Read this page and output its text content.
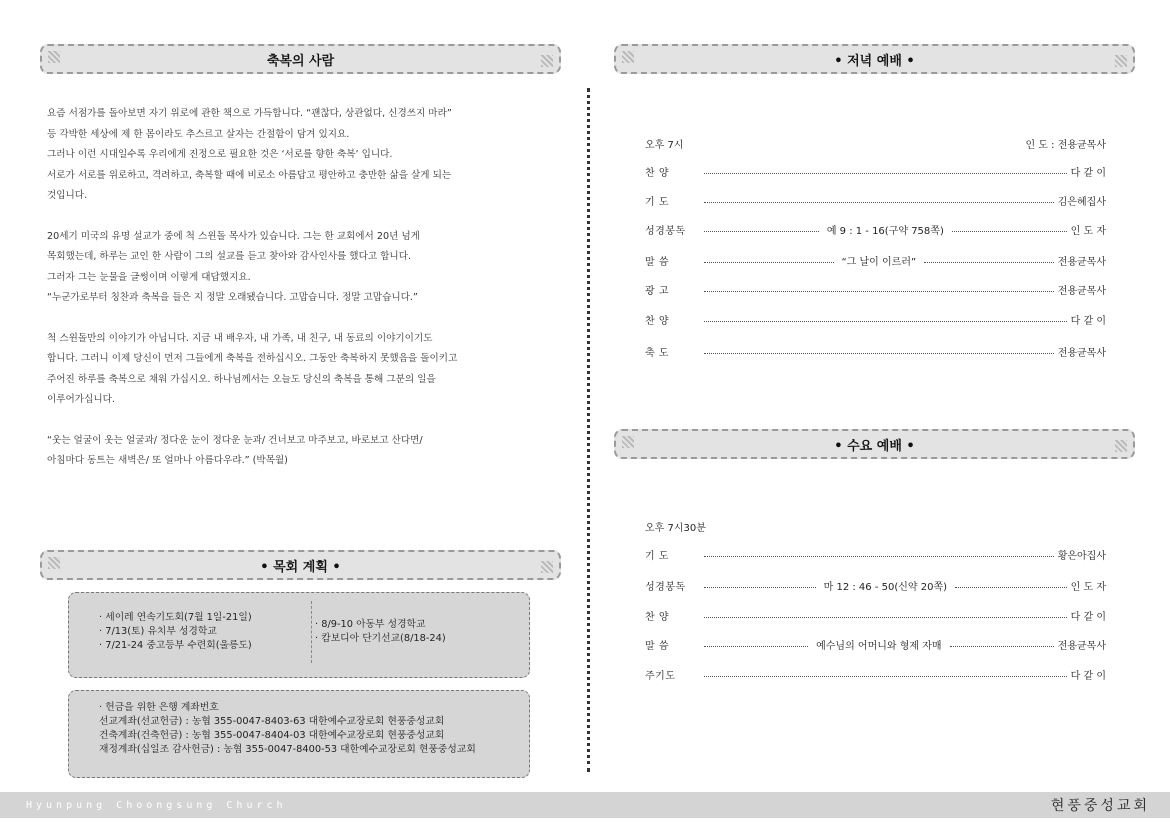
축복의 사람

요즘 서점가를 돌아보면 자기 위로에 관한 책으로 가득합니다. “괜찮다, 상관없다, 신경쓰지 마라”
등 각박한 세상에 제 한 몸이라도 추스르고 살자는 간절함이 담겨 있지요.
그러나 이런 시대일수록 우리에게 진정으로 필요한 것은 ‘서로를 향한 축복’ 입니다.
서로가 서로를 위로하고, 격려하고, 축복할 때에 비로소 아름답고 평안하고 충만한 삶을 살게 되는
것입니다.

20세기 미국의 유명 설교가 중에 척 스윈돌 목사가 있습니다. 그는 한 교회에서 20년 넘게
목회했는데, 하루는 교인 한 사람이 그의 설교를 듣고 찾아와 감사인사를 했다고 합니다.
그러자 그는 눈물을 글썽이며 이렇게 대답했지요.
“누군가로부터 칭찬과 축복을 들은 지 정말 오래됐습니다. 고맙습니다. 정말 고맙습니다.”

척 스윈돌만의 이야기가 아닙니다. 지금 내 배우자, 내 가족, 내 친구, 내 동료의 이야기이기도
합니다. 그러니 이제 당신이 먼저 그들에게 축복을 전하십시오. 그동안 축복하지 못했음을 돌이키고
주어진 하루를 축복으로 채워 가십시오. 하나님께서는 오늘도 당신의 축복을 통해 그분의 일을
이루어가십니다.

“웃는 얼굴이 웃는 얼굴과/ 정다운 눈이 정다운 눈과/ 건너보고 마주보고, 바로보고 산다면/
아침마다 동트는 새벽은/ 또 얼마나 아름다우랴.” (박목월)

• 목회 계획 •
· 세이레 연속기도회(7월 1일-21일)
· 7/13(토) 유치부 성경학교
· 7/21-24 중고등부 수련회(울릉도)
· 8/9-10 아동부 성경학교
· 캄보디아 단기선교(8/18-24)
· 헌금을 위한 은행 계좌번호
선교계좌(선교헌금) : 농협 355-0047-8403-63 대한예수교장로회 현풍중성교회
건축계좌(건축헌금) : 농협 355-0047-8404-03 대한예수교장로회 현풍중성교회
재정계좌(십일조 감사헌금) : 농협 355-0047-8400-53 대한예수교장로회 현풍중성교회
• 저녁 예배 •
오후 7시	인 도 : 전용균목사
찬 양	다 같 이
기 도	김은혜집사
성경봉독	예 9 : 1 - 16(구약 758쪽)	인 도 자
말 씀	“그 날이 이르러”	전용균목사
광 고	전용균목사
찬 양	다 같 이
축 도	전용균목사
• 수요 예배 •
오후 7시30분
기 도	황은아집사
성경봉독	마 12 : 46 - 50(신약 20쪽)	인 도 자
찬 양	다 같 이
말 씀	예수님의 어머니와 형제 자매	전용균목사
주기도	다 같 이
Hyunpung Choongsung Church	현풍중성교회
